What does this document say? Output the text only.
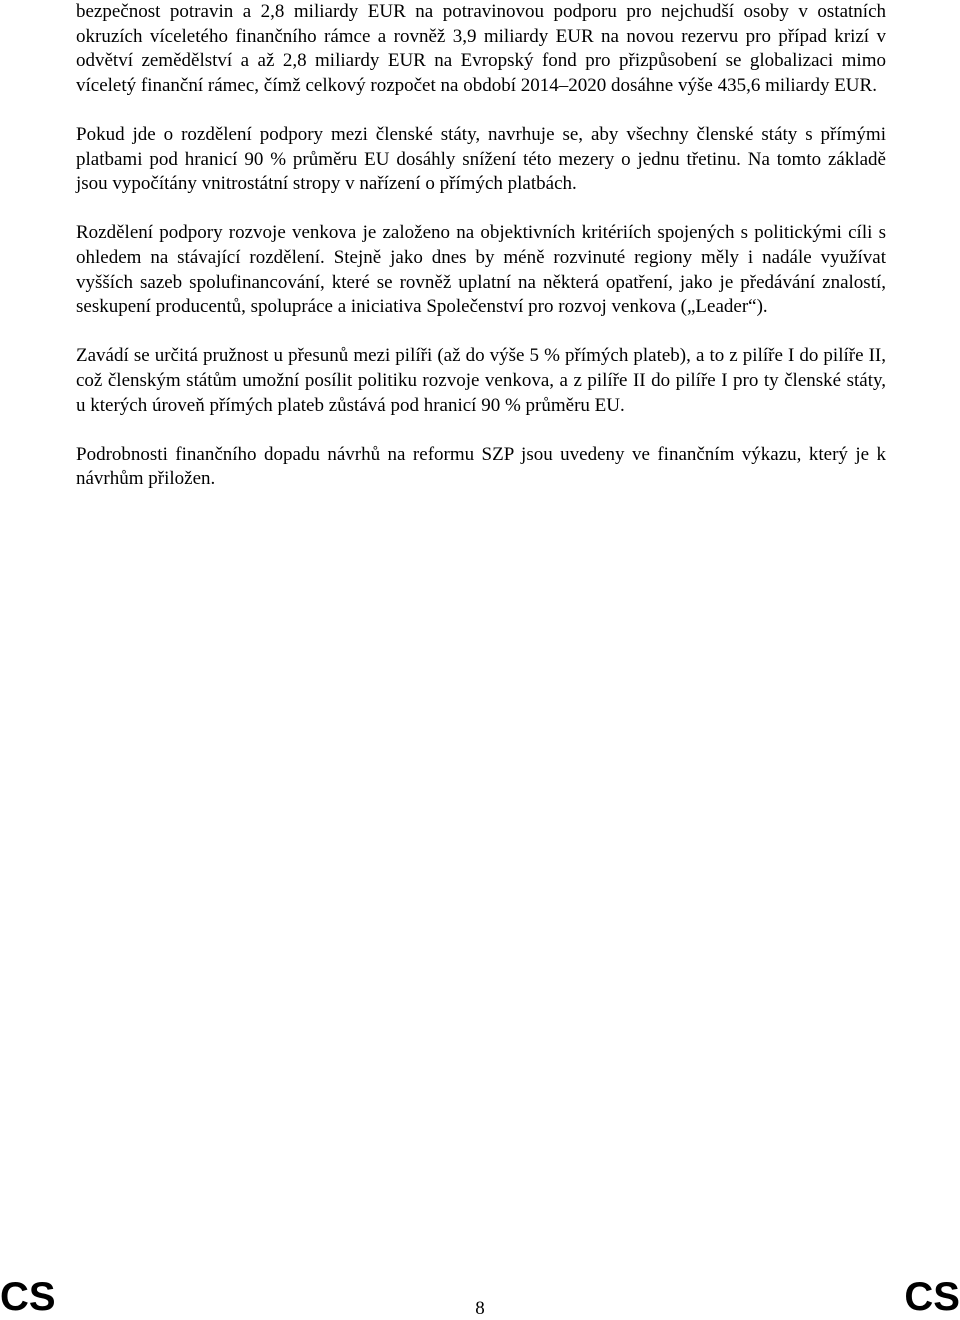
bezpečnost potravin a 2,8 miliardy EUR na potravinovou podporu pro nejchudší osoby v ostatních okruzích víceletého finančního rámce a rovněž 3,9 miliardy EUR na novou rezervu pro případ krizí v odvětví zemědělství a až 2,8 miliardy EUR na Evropský fond pro přizpůsobení se globalizaci mimo víceletý finanční rámec, čímž celkový rozpočet na období 2014–2020 dosáhne výše 435,6 miliardy EUR.

Pokud jde o rozdělení podpory mezi členské státy, navrhuje se, aby všechny členské státy s přímými platbami pod hranicí 90 % průměru EU dosáhly snížení této mezery o jednu třetinu. Na tomto základě jsou vypočítány vnitrostátní stropy v nařízení o přímých platbách.

Rozdělení podpory rozvoje venkova je založeno na objektivních kritériích spojených s politickými cíli s ohledem na stávající rozdělení. Stejně jako dnes by méně rozvinuté regiony měly i nadále využívat vyšších sazeb spolufinancování, které se rovněž uplatní na některá opatření, jako je předávání znalostí, seskupení producentů, spolupráce a iniciativa Společenství pro rozvoj venkova („Leader“).

Zavádí se určitá pružnost u přesunů mezi pilíři (až do výše 5 % přímých plateb), a to z pilíře I do pilíře II, což členským státům umožní posílit politiku rozvoje venkova, a z pilíře II do pilíře I pro ty členské státy, u kterých úroveň přímých plateb zůstává pod hranicí 90 % průměru EU.

Podrobnosti finančního dopadu návrhů na reformu SZP jsou uvedeny ve finančním výkazu, který je k návrhům přiložen.

CS	8	CS
